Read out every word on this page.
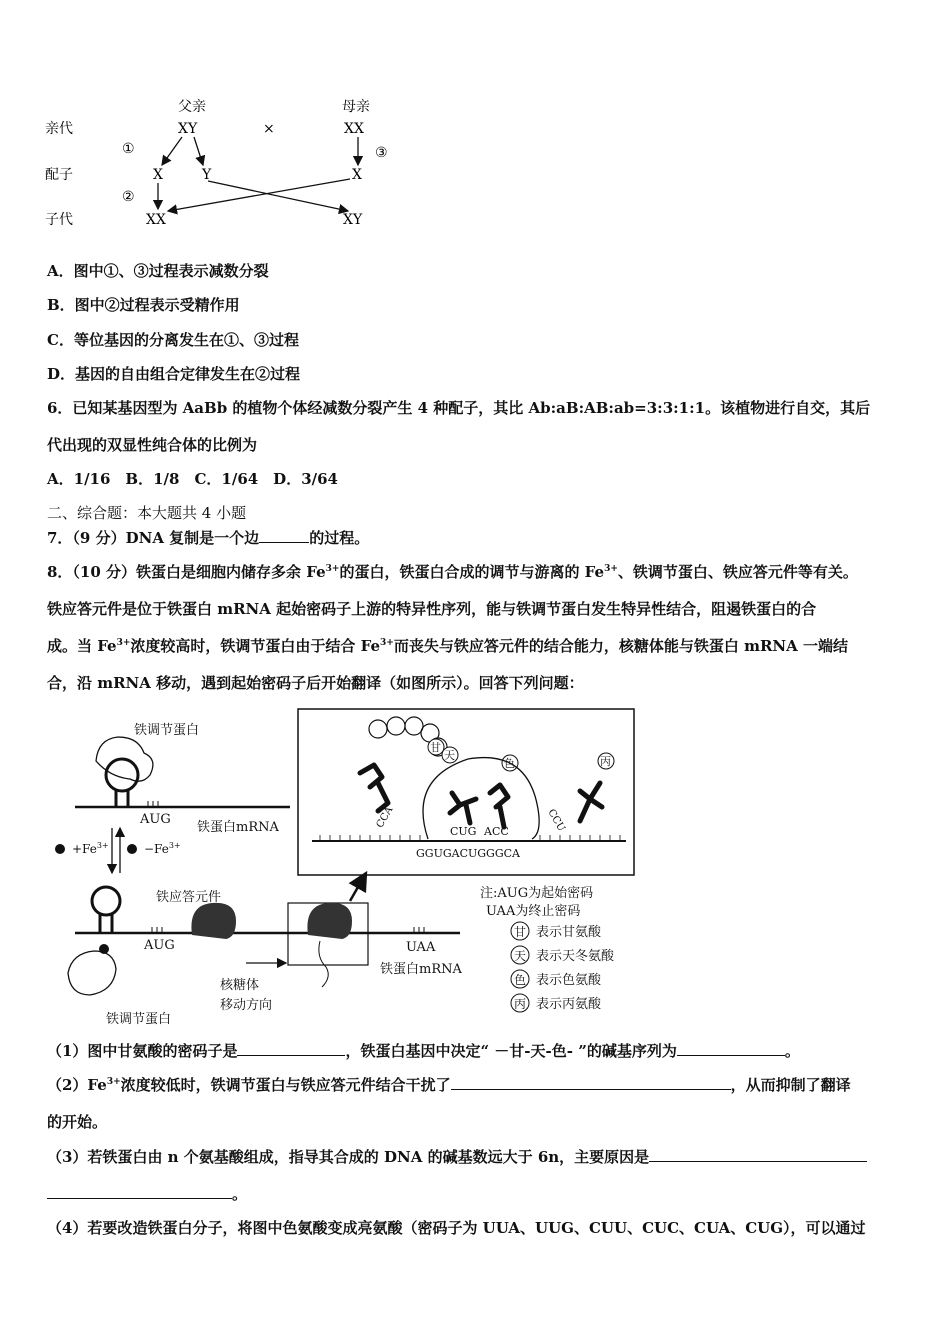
父亲	母亲
亲代
配子
子代
XY	×	XX
①	③
②
X	Y	X
XX	XY
A．图中①、③过程表示减数分裂
B．图中②过程表示受精作用
C．等位基因的分离发生在①、③过程
D．基因的自由组合定律发生在②过程
6．已知某基因型为 AaBb 的植物个体经减数分裂产生 4 种配子，其比 Ab:aB:AB:ab=3:3:1:1。该植物进行自交，其后
代出现的双显性纯合体的比例为
A．1/16　B．1/8　C．1/64　D．3/64
二、综合题：本大题共 4 小题
7．（9 分）DNA 复制是一个边	的过程。
8．（10 分）铁蛋白是细胞内储存多余 $Fe^{3+}$的蛋白，铁蛋白合成的调节与游离的 $Fe^{3+}$、铁调节蛋白、铁应答元件等有关。
铁应答元件是位于铁蛋白 mRNA 起始密码子上游的特异性序列，能与铁调节蛋白发生特异性结合，阻遏铁蛋白的合
成。当 $Fe^{3+}$浓度较高时，铁调节蛋白由于结合 $Fe^{3+}$而丧失与铁应答元件的结合能力，核糖体能与铁蛋白 mRNA 一端结
合，沿 mRNA 移动，遇到起始密码子后开始翻译（如图所示）。回答下列问题：
铁调节蛋白
AUG
铁蛋白mRNA
$+Fe^{3+}$	$-Fe^{3+}$
铁应答元件
AUG
铁调节蛋白
核糖体
移动方向
UAA
铁蛋白mRNA
甘
天
色	丙
CCA	CCU
CUG ACC
GGUGACUGGGCA
注:AUG为起始密码
UAA为终止密码
甘 表示甘氨酸
天 表示天冬氨酸
色 表示色氨酸
丙 表示丙氨酸
（1）图中甘氨酸的密码子是	，铁蛋白基因中决定“ －甘-天-色- ”的碱基序列为	。
$(2)Fe^{3+}$浓度较低时，铁调节蛋白与铁应答元件结合干扰了	，从而抑制了翻译
的开始。
（3）若铁蛋白由 n 个氨基酸组成，指导其合成的 DNA 的碱基数远大于 6n，主要原因是
。
（4）若要改造铁蛋白分子，将图中色氨酸变成亮氨酸（密码子为 UUA、UUG、CUU、CUC、CUA、CUG），可以通过
